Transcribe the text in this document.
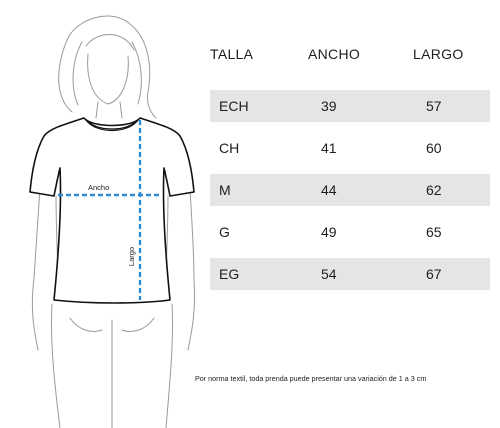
Ancho
Largo
TALLA	ANCHO	LARGO
ECH	39	57
CH	41	60
M	44	62
G	49	65
EG	54	67
Por norma textil, toda prenda puede presentar una variación de 1 a 3 cm
